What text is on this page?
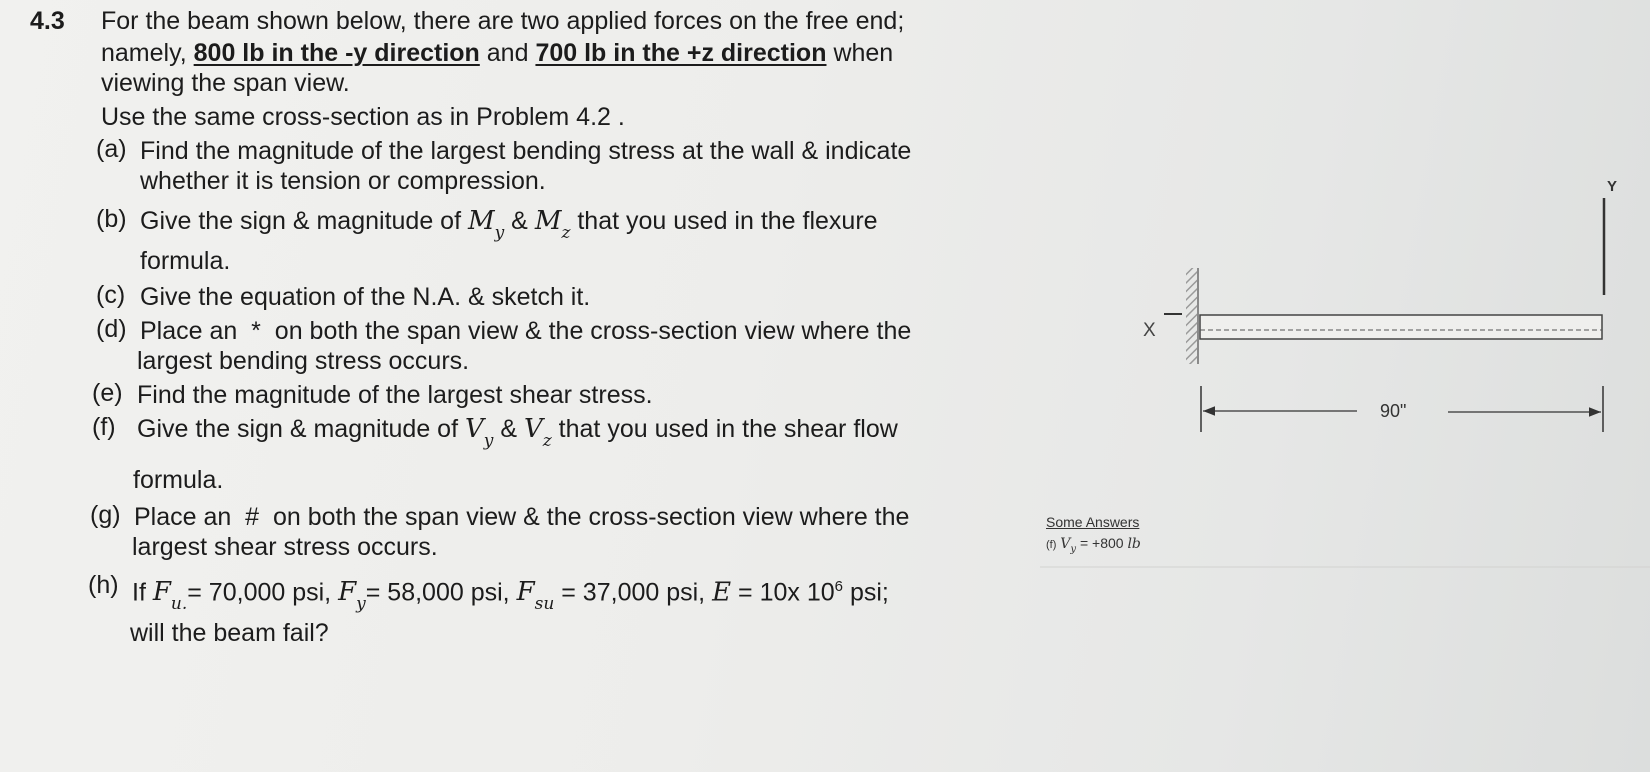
4.3 For the beam shown below, there are two applied forces on the free end;
namely, 800 lb in the -y direction and 700 lb in the +z direction when
viewing the span view.
Use the same cross-section as in Problem 4.2 .
(a) Find the magnitude of the largest bending stress at the wall & indicate
whether it is tension or compression.
(b) Give the sign & magnitude of $M_y$ & $M_z$ that you used in the flexure
formula.
(c) Give the equation of the N.A. & sketch it.
(d) Place an  *  on both the span view & the cross-section view where the
largest bending stress occurs.
(e) Find the magnitude of the largest shear stress.
(f) Give the sign & magnitude of $V_y$ & $V_z$ that you used in the shear flow
formula.
(g) Place an  #  on both the span view & the cross-section view where the
largest shear stress occurs.
(h) If $F_{u.}= 70,000$ psi, $F_y= 58,000$ psi, $F_{su} = 37,000$ psi, E = 10x $10^6$ psi;
will the beam fail?
X
Y
90"
Some Answers
(f) $V_y = +800$ lb
